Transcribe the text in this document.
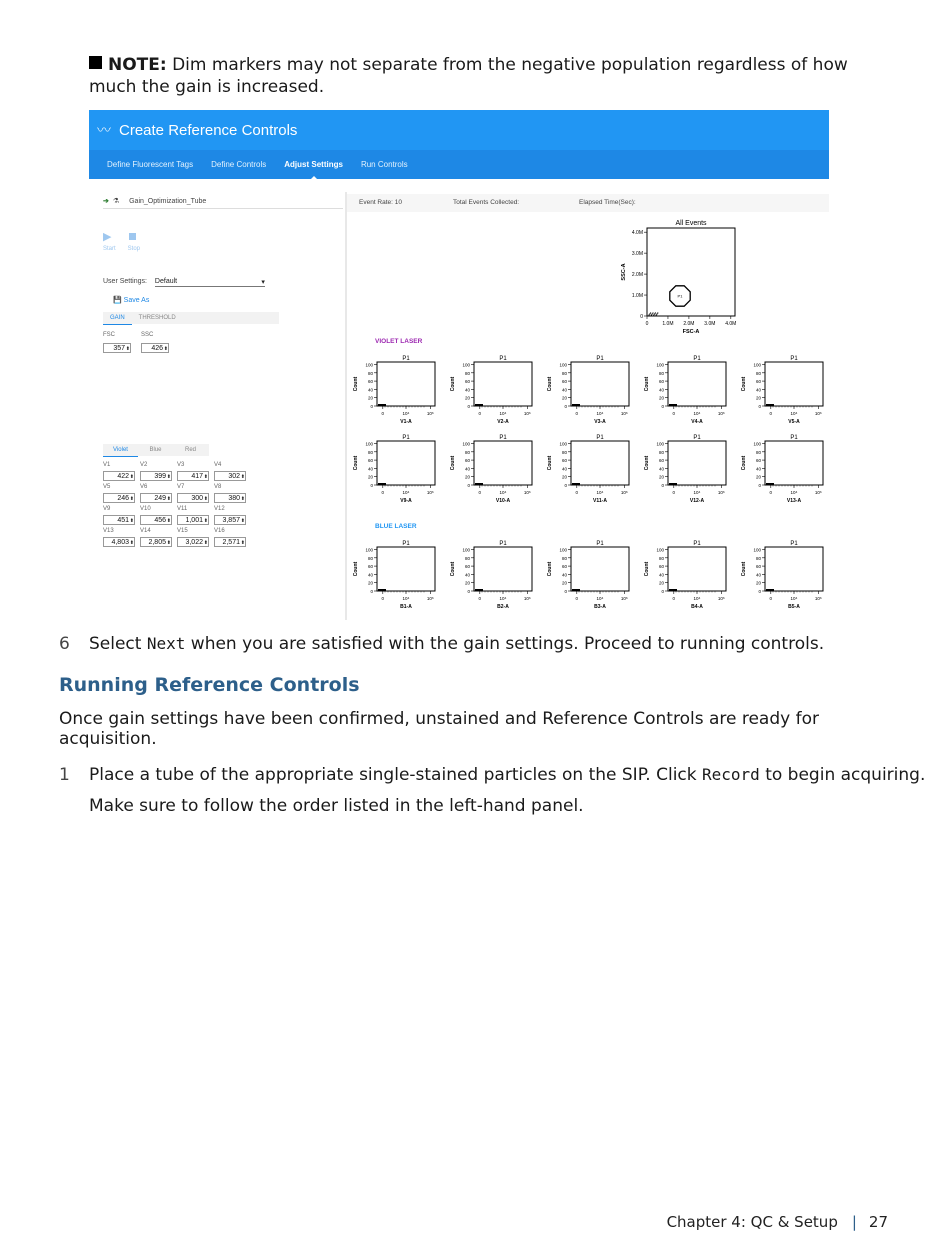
NOTE: Dim markers may not separate from the negative population regardless of how much the gain is increased.
〰 Create Reference Controls
Define Fluorescent Tags Define Controls Adjust Settings Run Controls
➔ ⚗ Gain_Optimization_Tube
▶
Start Stop
User Settings: Default ▾
💾 Save As
GAIN THRESHOLD
FSC	SSC
357 ⬍	426 ⬍
Violet	Blue	Red
V1
422 ⬍
V2
399 ⬍
V3
417 ⬍
V4
302 ⬍
V5
246 ⬍
V6
249 ⬍
V7
300 ⬍
V8
380 ⬍
V9
451 ⬍
V10
456 ⬍
V11
1,001 ⬍
V12
3,857 ⬍
V13
4,803 ⬍
V14
2,805 ⬍
V15
3,022 ⬍
V16
2,571 ⬍
Event Rate: 10	Total Events Collected:	Elapsed Time(Sec):
All Events
0
1.0M
2.0M
3.0M
4.0M
0	1.0M 2.0M 3.0M 4.0M
FSC-A
SSC-A
P1
P1
0
20
40
60
80
100
0	10⁴	10⁶
Count
V1-A
P1
0
20
40
60
80
100
0	10⁴	10⁶
Count
V2-A
P1
0
20
40
60
80
100
0	10⁴	10⁶
Count
V3-A
P1
0
20
40
60
80
100
0	10⁴	10⁶
Count
V4-A
P1
0
20
40
60
80
100
0	10⁴	10⁶
Count
V5-A
P1
0
20
40
60
80
100
0	10⁴	10⁶
Count
V9-A
P1
0
20
40
60
80
100
0	10⁴	10⁶
Count
V10-A
P1
0
20
40
60
80
100
0	10⁴	10⁶
Count
V11-A
P1
0
20
40
60
80
100
0	10⁴	10⁶
Count
V12-A
P1
0
20
40
60
80
100
0	10⁴	10⁶
Count
V13-A
P1
0
20
40
60
80
100
0	10⁴	10⁶
Count
B1-A
P1
0
20
40
60
80
100
0	10⁴	10⁶
Count
B2-A
P1
0
20
40
60
80
100
0	10⁴	10⁶
Count
B3-A
P1
0
20
40
60
80
100
0	10⁴	10⁶
Count
B4-A
P1
0
20
40
60
80
100
0	10⁴	10⁶
Count
B5-A
VIOLET LASER
BLUE LASER
6 Select Next when you are satisfied with the gain settings. Proceed to running controls.
Running Reference Controls
Once gain settings have been confirmed, unstained and Reference Controls are ready for acquisition.
1 Place a tube of the appropriate single-stained particles on the SIP. Click Record to begin acquiring.
Make sure to follow the order listed in the left-hand panel.
Chapter 4: QC & Setup | 27
